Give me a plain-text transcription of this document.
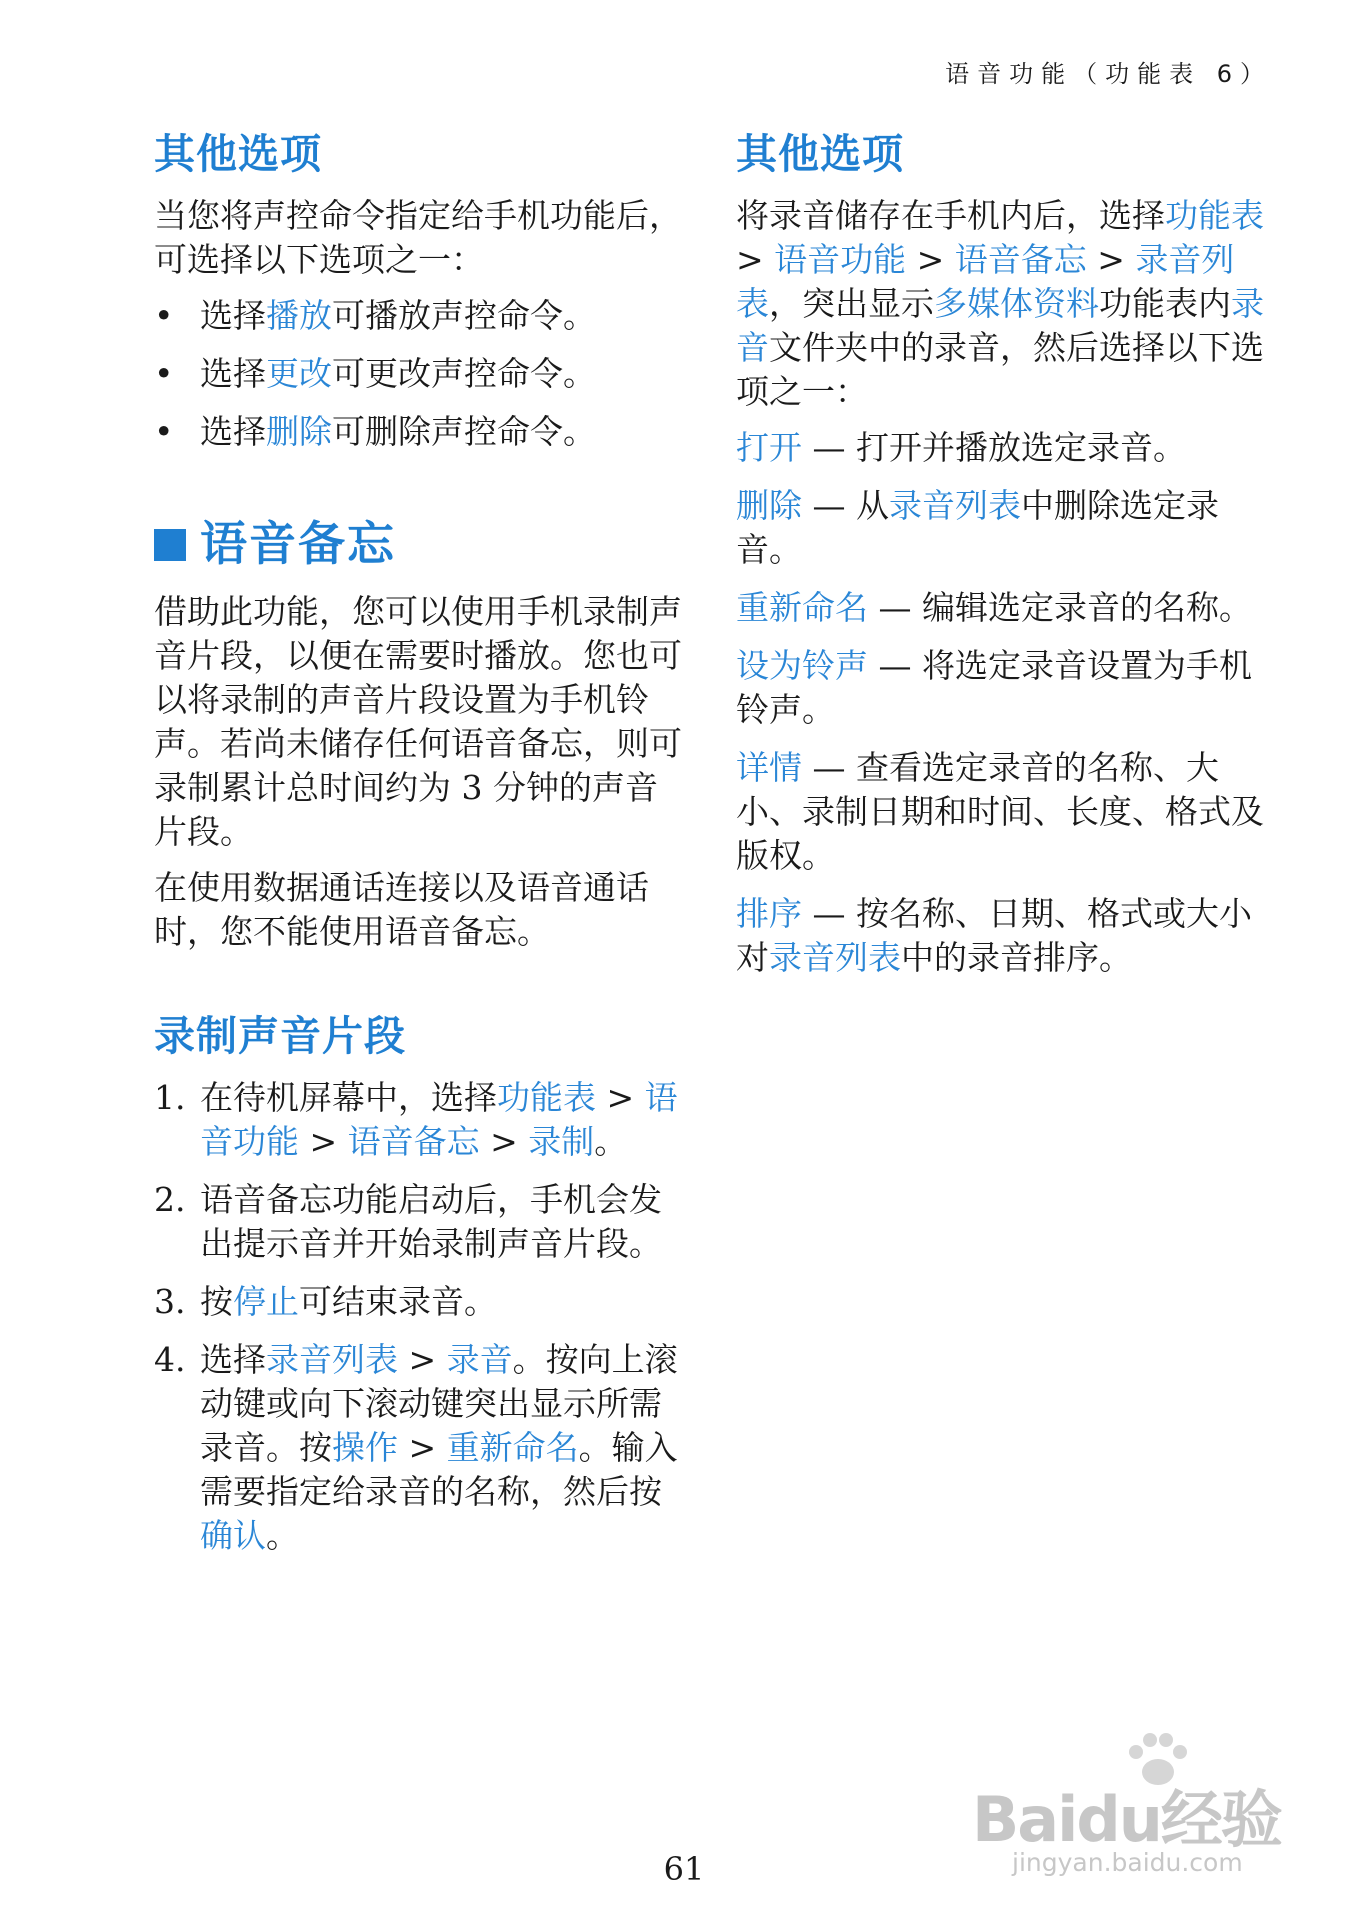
语音功能（功能表 6）
其他选项

当您将声控命令指定给手机功能后，可选择以下选项之一：

• 选择播放可播放声控命令。
• 选择更改可更改声控命令。
• 选择删除可删除声控命令。
语音备忘

借助此功能，您可以使用手机录制声音片段，以便在需要时播放。您也可以将录制的声音片段设置为手机铃声。若尚未储存任何语音备忘，则可录制累计总时间约为 3 分钟的声音片段。

在使用数据通话连接以及语音通话时，您不能使用语音备忘。

录制声音片段
1. 在待机屏幕中，选择功能表 > 语音功能 > 语音备忘 > 录制。
2. 语音备忘功能启动后，手机会发出提示音并开始录制声音片段。
3. 按停止可结束录音。
4. 选择录音列表 > 录音。按向上滚动键或向下滚动键突出显示所需录音。按操作 > 重新命名。输入需要指定给录音的名称，然后按确认。
其他选项

将录音储存在手机内后，选择功能表 > 语音功能 > 语音备忘 > 录音列表，突出显示多媒体资料功能表内录音文件夹中的录音，然后选择以下选项之一：

打开 — 打开并播放选定录音。
删除 — 从录音列表中删除选定录音。
重新命名 — 编辑选定录音的名称。
设为铃声 — 将选定录音设置为手机铃声。
详情 — 查看选定录音的名称、大小、录制日期和时间、长度、格式及版权。
排序 — 按名称、日期、格式或大小对录音列表中的录音排序。
61
Baidu经验
jingyan.baidu.com
